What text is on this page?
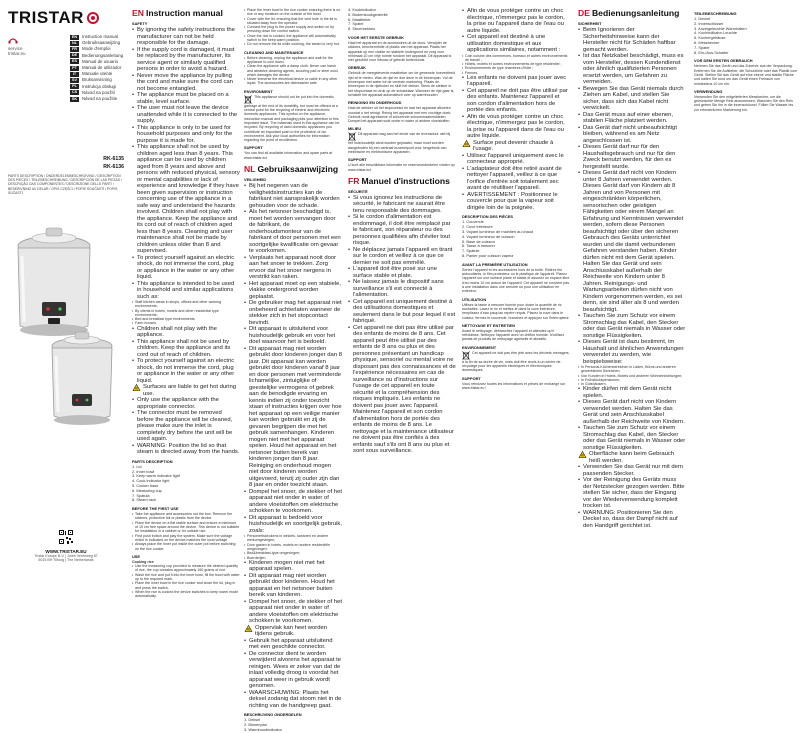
TRISTAR
service
tristar.eu
EN	Instruction manual
NL	Gebruiksaanwijzing
FR	Mode d'emploi
DE	Bedienungsanleitung
ES	Manual de usuario
PT	Manual de utilizador
IT	Manuale utente
SV	Bruksanvisning
PL	Instrukcja obsługi
CS	Návod na použití
SK	Návod na použitie
RK-6135
RK-6136
PARTS DESCRIPTION / ONDERDELENBESCHRIJVING / DESCRIPTION DES PIÈCES / TEILEBESCHREIBUNG / DESCRIPCIÓN DE LAS PIEZAS / DESCRIÇÃO DAS COMPONENTES / DESCRIZIONE DELLE PARTI / BESKRIVNING AV DELAR / OPIS CZĘŚCI / POPIS SOUČÁSTÍ / POPIS SÚČASTÍ
WWW.TRISTAR.EU
Tristar Europe B.V. | Jules Verneweg 87
5015 BH Tilburg | The Netherlands
EN Instruction manual
SAFETY
• By ignoring the safety instructions the manufacturer can not be held responsible for the damage.
• If the supply cord is damaged, it must be replaced by the manufacturer, its service agent or similarly qualified persons in order to avoid a hazard.
• Never move the appliance by pulling the cord and make sure the cord can not become entangled.
• The appliance must be placed on a stable, level surface.
• The user must not leave the device unattended while it is connected to the supply.
• This appliance is only to be used for household purposes and only for the purpose it is made for.
• This appliance shall not be used by children aged less than 8 years. This appliance can be used by children aged from 8 years and above and persons with reduced physical, sensory or mental capabilities or lack of experience and knowledge if they have been given supervision or instruction concerning use of the appliance in a safe way and understand the hazards involved. Children shall not play with the appliance. Keep the appliance and its cord out of reach of children aged less than 8 years. Cleaning and user maintenance shall not be made by children unless older than 8 and supervised.
• To protect yourself against an electric shock, do not immerse the cord, plug or appliance in the water or any other liquid.
• This appliance is intended to be used in household and similar applications such as:
• Staff kitchen areas in shops, offices and other working environments;
• By clients in hotels, motels and other residential type environments;
• Bed and breakfast type environments.
• Farm houses.
• Children shall not play with the appliance.
• This appliance shall not be used by children. Keep the appliance and its cord out of reach of children.
• To protect yourself against an electric shock, do not immerse the cord, plug or appliance in the water or any other liquid.
Surfaces are liable to get hot during use.
• Only use the appliance with the appropriate connector.
• The connector must be removed before the appliance will be cleaned, please make sure the inlet is completely dry before the unit will be used again.
• WARNING: Position the lid so that steam is directed away from the hands.
PARTS DESCRIPTION
1. Lid
2. Inner bowl
3. Keep warm indicator light
4. Cook indicator light
5. Cooker base
6. Measuring cup
7. Spatula
8. Steam rack
BEFORE THE FIRST USE
• Take the appliance and accessories out the box. Remove the stickers, protective foil or plastic from the device.
• Place the device on a flat stable surface and ensure a minimum of 10 cm free space around the device. This device is not suitable for installation in a cabinet or for outside use.
• First push button and play the system. Make sure the voltage which is indicated on the device matches the local voltage.
• Always place the inner pot inside the outer pot before switching on the rice cooker.
USE
Cooking rice
• Use the measuring cup provided to measure the desired quantity of rice, the cup contains approximately 160 grams of rice.
• Wash the rice and put it into the inner bowl, fill the bowl with water up to the required mark.
• Place the inner bowl in the rice cooker and close the lid, plug in and press the switch.
• When the rice is cooked the device switches to keep warm mode automatically.
• Place the inner bowl in the rice cooker ensuring there is no rice or any moisture on the outside of the bowl.
• Cover with the lid, ensuring that the vent hole in the lid is situated away from the operator.
• Connect the plug to the power supply and switch on by pressing down the control switch.
• Once the rice is cooked, the appliance will automatically switch to the keep warm position.
• Do not remove the lid while cooking, the steam is very hot.
CLEANING AND MAINTENANCE
• Before cleaning, unplug the appliance and wait for the appliance to cool down.
• Clean the appliance with a damp cloth. Never use harsh and abrasive cleaning agents, scouring pad or steel wool, which damages the device.
• Never immerse the electrical device or cable in any other liquid. The accessories are dishwasher safe.
ENVIRONMENT
This appliance should not be put into the domestic garbage at the end of its durability, but must be offered at a central point for the recycling of electric and electronic domestic appliances. This symbol on the appliance, instruction manual and packaging puts your attention to this important issue. The materials used in this appliance can be recycled. By recycling of used domestic appliances you contribute an important push to the protection of our environment. Ask your local authorities for information regarding the point of recollection.
SUPPORT
You can find all available information and spare parts at www.tristar.eu!
NL Gebruiksaanwijzing
VEILIGHEID
• Bij het negeren van de veiligheidsinstructies kan de fabrikant niet aansprakelijk worden gehouden voor de schade.
• Als het netsnoer beschadigd is, moet het worden vervangen door de fabrikant, de onderhoudsmonteur van de fabrikant of door personen met een soortgelijke kwalificatie om gevaar te voorkomen.
• Verplaats het apparaat nooit door aan het snoer te trekken. Zorg ervoor dat het snoer nergens in verstrikt kan raken.
• Het apparaat moet op een stabiele, vlakke ondergrond worden geplaatst.
• De gebruiker mag het apparaat niet onbeheerd achterlaten wanneer de stekker zich in het stopcontact bevindt.
• Dit apparaat is uitsluitend voor huishoudelijk gebruik en voor het doel waarvoor het is bedoeld.
• Dit apparaat mag niet worden gebruikt door kinderen jonger dan 8 jaar. Dit apparaat kan worden gebruikt door kinderen vanaf 8 jaar en door personen met verminderde lichamelijke, zintuiglijke of geestelijke vermogens of gebrek aan de benodigde ervaring en kennis indien zij onder toezicht staan of instructies krijgen over hoe het apparaat op een veilige manier kan worden gebruikt en zij de gevaren begrijpen die met het gebruik samenhangen. Kinderen mogen niet met het apparaat spelen. Houd het apparaat en het netsnoer buiten bereik van kinderen jonger dan 8 jaar. Reiniging en onderhoud mogen niet door kinderen worden uitgevoerd, tenzij zij ouder zijn dan 8 jaar en onder toezicht staan.
• Dompel het snoer, de stekker of het apparaat niet onder in water of andere vloeistoffen om elektrische schokken te voorkomen.
• Dit apparaat is bedoeld voor huishoudelijk en soortgelijk gebruik, zoals:
• Personeelskeukens in winkels, kantoren en andere werkomgevingen;
• Door gasten in hotels, motels en andere residentiële omgevingen;
• Bed&breakfast-type omgevingen;
• Boerderijen.
• Kinderen mogen niet met het apparaat spelen.
• Dit apparaat mag niet worden gebruikt door kinderen. Houd het apparaat en het netsnoer buiten bereik van kinderen.
• Dompel het snoer, de stekker of het apparaat niet onder in water of andere vloeistoffen om elektrische schokken te voorkomen.
Oppervlak kan heet worden tijdens gebruik.
• Gebruik het apparaat uitsluitend met een geschikte connector.
• De connector dient te worden verwijderd alvorens het apparaat te reinigen. Wees er zeker van dat de inlaat volledig droog is voordat het apparaat weer in gebruik wordt genomen.
• WAARSCHUWING: Plaats het deksel zodanig dat stoom niet in de richting van de handgreep gaat.
BESCHRIJVING ONDERDELEN
1. Deksel
2. Binnenpan
3. Warmhoudindicator
4. Kookindicator
5. Bodemkookgedeelte
6. Maatbeker
7. Spatel
8. Stoomrekken
VOOR HET EERSTE GEBRUIK
Haal het apparaat en de accessoires uit de doos. Verwijder de stickers, beschermfolie of plastic van het apparaat. Plaats het apparaat op een vlakke en stabiele ondergrond en zorg voor minimaal 10 cm vrije ruimte rondom het apparaat. Dit apparaat is niet geschikt voor inbouw of gebruik buitenshuis.
GEBRUIK
Gebruik de meegeleverde maatbeker om de gewenste hoeveelheid rijst af te meten. Was de rijst en doe deze in de binnenpan. Vul de binnenpan met water tot de vereiste markering. Plaats de binnenpan in de rijstkoker en sluit het deksel. Steek de stekker in het stopcontact en druk op de schakelaar. Wanneer de rijst gaar is, schakelt het apparaat automatisch over op warmhouden.
REINIGING EN ONDERHOUD
Haal de stekker uit het stopcontact en laat het apparaat afkoelen voordat u het reinigt. Reinig het apparaat met een vochtige doek. Gebruik nooit agressieve of schurende schoonmaakmiddelen. Dompel het apparaat nooit onder in water of andere vloeistoffen.
MILIEU
Dit apparaat mag aan het einde van de levensduur niet bij het huishoudelijk afval worden geplaatst, maar moet worden aangeboden bij een centraal inzamelpunt voor hergebruik van elektrische en elektronische apparaten.
SUPPORT
U kunt alle beschikbare informatie en reserveonderdelen vinden op www.tristar.eu!
FR Manuel d'instructions
SÉCURITÉ
• Si vous ignorez les instructions de sécurité, le fabricant ne saurait être tenu responsable des dommages.
• Si le cordon d'alimentation est endommagé, il doit être remplacé par le fabricant, son réparateur ou des personnes qualifiées afin d'éviter tout risque.
• Ne déplacez jamais l'appareil en tirant sur le cordon et veillez à ce que ce dernier ne soit pas emmêlé.
• L'appareil doit être posé sur une surface stable et plate.
• Ne laissez jamais le dispositif sans surveillance s'il est connecté à l'alimentation.
• Cet appareil est uniquement destiné à des utilisations domestiques et seulement dans le but pour lequel il est fabriqué.
• Cet appareil ne doit pas être utilisé par des enfants de moins de 8 ans. Cet appareil peut être utilisé par des enfants de 8 ans ou plus et des personnes présentant un handicap physique, sensoriel ou mental voire ne disposant pas des connaissances et de l'expérience nécessaires en cas de surveillance ou d'instructions sur l'usage de cet appareil en toute sécurité et la compréhension des risques impliqués. Les enfants ne doivent pas jouer avec l'appareil. Maintenez l'appareil et son cordon d'alimentation hors de portée des enfants de moins de 8 ans. Le nettoyage et la maintenance utilisateur ne doivent pas être confiés à des enfants sauf s'ils ont 8 ans ou plus et sont sous surveillance.
• Afin de vous protéger contre un choc électrique, n'immergez pas le cordon, la prise ou l'appareil dans de l'eau ou autre liquide.
• Cet appareil est destiné à une utilisation domestique et aux applications similaires, notamment :
• Coin cuisine des commerces, bureaux et autres environnements de travail ;
• Hôtels, motels et autres environnements de type résidentiel ;
• Environnements de type chambres d'hôte ;
• Fermes.
• Les enfants ne doivent pas jouer avec l'appareil.
• Cet appareil ne doit pas être utilisé par des enfants. Maintenez l'appareil et son cordon d'alimentation hors de portée des enfants.
• Afin de vous protéger contre un choc électrique, n'immergez pas le cordon, la prise ou l'appareil dans de l'eau ou autre liquide.
Surface peut devenir chaude à l'usage.
• Utilisez l'appareil uniquement avec le connecteur approprié.
• L'adaptateur doit être retiré avant de nettoyer l'appareil, veillez à ce que l'orifice d'entrée soit totalement sec avant de réutiliser l'appareil.
• AVERTISSEMENT : Positionnez le couvercle pour que la vapeur soit dirigée loin de la poignée.
DESCRIPTION DES PIÈCES
1. Couvercle
2. Cuve intérieure
3. Voyant lumineux de maintien au chaud
4. Voyant lumineux de cuisson
5. Base de cuisson
6. Tasse à mesurer
7. Spatule
8. Panier pour cuisson vapeur
AVANT LA PREMIÈRE UTILISATION
Sortez l'appareil et les accessoires hors de la boîte. Retirez les autocollants, le film protecteur ou le plastique de l'appareil. Placez l'appareil sur une surface plane et stable et assurez un espace libre d'au moins 10 cm autour de l'appareil. Cet appareil ne convient pas à une installation dans une armoire ou pour une utilisation en extérieur.
UTILISATION
Utilisez la tasse à mesurer fournie pour doser la quantité de riz souhaitée. Lavez le riz et mettez-le dans la cuve intérieure, remplissez d'eau jusqu'au repère requis. Placez la cuve dans le cuiseur, fermez le couvercle, branchez et appuyez sur l'interrupteur.
NETTOYAGE ET ENTRETIEN
Avant le nettoyage, débranchez l'appareil et attendez qu'il refroidisse. Nettoyez l'appareil avec un chiffon humide. N'utilisez jamais de produits de nettoyage agressifs et abrasifs.
ENVIRONNEMENT
Cet appareil ne doit pas être jeté avec les déchets ménagers à la fin de sa durée de vie, mais doit être remis à un centre de recyclage pour les appareils électriques et électroniques domestiques.
SUPPORT
Vous retrouvez toutes les informations et pièces de rechange sur www.tristar.eu !
DE Bedienungsanleitung
SICHERHEIT
• Beim Ignorieren der Sicherheitshinweise kann der Hersteller nicht für Schäden haftbar gemacht werden.
• Ist das Netzkabel beschädigt, muss es vom Hersteller, dessen Kundendienst oder ähnlich qualifizierten Personen ersetzt werden, um Gefahren zu vermeiden.
• Bewegen Sie das Gerät niemals durch Ziehen am Kabel, und stellen Sie sicher, dass sich das Kabel nicht verwickelt.
• Das Gerät muss auf einer ebenen, stabilen Fläche platziert werden.
• Das Gerät darf nicht unbeaufsichtigt bleiben, während es am Netz angeschlossen ist.
• Dieses Gerät darf nur für den Haushaltsgebrauch und nur für den Zweck benutzt werden, für den es hergestellt wurde.
• Dieses Gerät darf nicht von Kindern unter 8 Jahren verwendet werden. Dieses Gerät darf von Kindern ab 8 Jahren und von Personen mit eingeschränkten körperlichen, sensorischen oder geistigen Fähigkeiten oder einem Mangel an Erfahrung und Kenntnissen verwendet werden, sofern diese Personen beaufsichtigt oder über den sicheren Gebrauch des Geräts unterrichtet wurden und die damit verbundenen Gefahren verstanden haben. Kinder dürfen nicht mit dem Gerät spielen. Halten Sie das Gerät und sein Anschlusskabel außerhalb der Reichweite von Kindern unter 8 Jahren. Reinigungs- und Wartungsarbeiten dürfen nicht von Kindern vorgenommen werden, es sei denn, sie sind älter als 8 und werden beaufsichtigt.
• Tauchen Sie zum Schutz vor einem Stromschlag das Kabel, den Stecker oder das Gerät niemals in Wasser oder sonstige Flüssigkeiten.
• Dieses Gerät ist dazu bestimmt, im Haushalt und ähnlichen Anwendungen verwendet zu werden, wie beispielsweise:
• In Personal-Küchenbereichen in Läden, Büros und anderen gewerblichen Bereichen;
• Von Kunden in Hotels, Motels und anderen Wohneinrichtungen;
• In Frühstückspensionen;
• In Gutshäusern.
• Kinder dürfen mit dem Gerät nicht spielen.
• Dieses Gerät darf nicht von Kindern verwendet werden. Halten Sie das Gerät und sein Anschlusskabel außerhalb der Reichweite von Kindern.
• Tauchen Sie zum Schutz vor einem Stromschlag das Kabel, den Stecker oder das Gerät niemals in Wasser oder sonstige Flüssigkeiten.
Oberfläche kann beim Gebrauch heiß werden.
• Verwenden Sie das Gerät nur mit dem passenden Stecker.
• Vor der Reinigung des Geräts muss der Netzstecker gezogen werden. Bitte stellen Sie sicher, dass der Eingang vor der Wiederverwendung komplett trocken ist.
• WARNUNG: Positionieren Sie den Deckel so, dass der Dampf nicht auf den Handgriff gerichtet ist.
TEILEBESCHREIBUNG
1. Deckel
2. Innenschüssel
3. Anzeigeleuchte Warmhalten
4. Kochindikator-Leuchte
5. Kochergehäuse
6. Messbecher
7. Spatel
8. Ein-/Aus-Schalter
VOR DEM ERSTEN GEBRAUCH
Nehmen Sie das Gerät und das Zubehör aus der Verpackung. Entfernen Sie die Aufkleber, die Schutzfolie oder das Plastik vom Gerät. Stellen Sie das Gerät auf eine ebene und stabile Fläche und halten Sie rund um das Gerät einen Freiraum von mindestens 10 cm ein.
VERWENDUNG
Verwenden Sie den mitgelieferten Messbecher, um die gewünschte Menge Reis abzumessen. Waschen Sie den Reis und geben Sie ihn in die Innenschüssel. Füllen Sie Wasser bis zur erforderlichen Markierung ein.
